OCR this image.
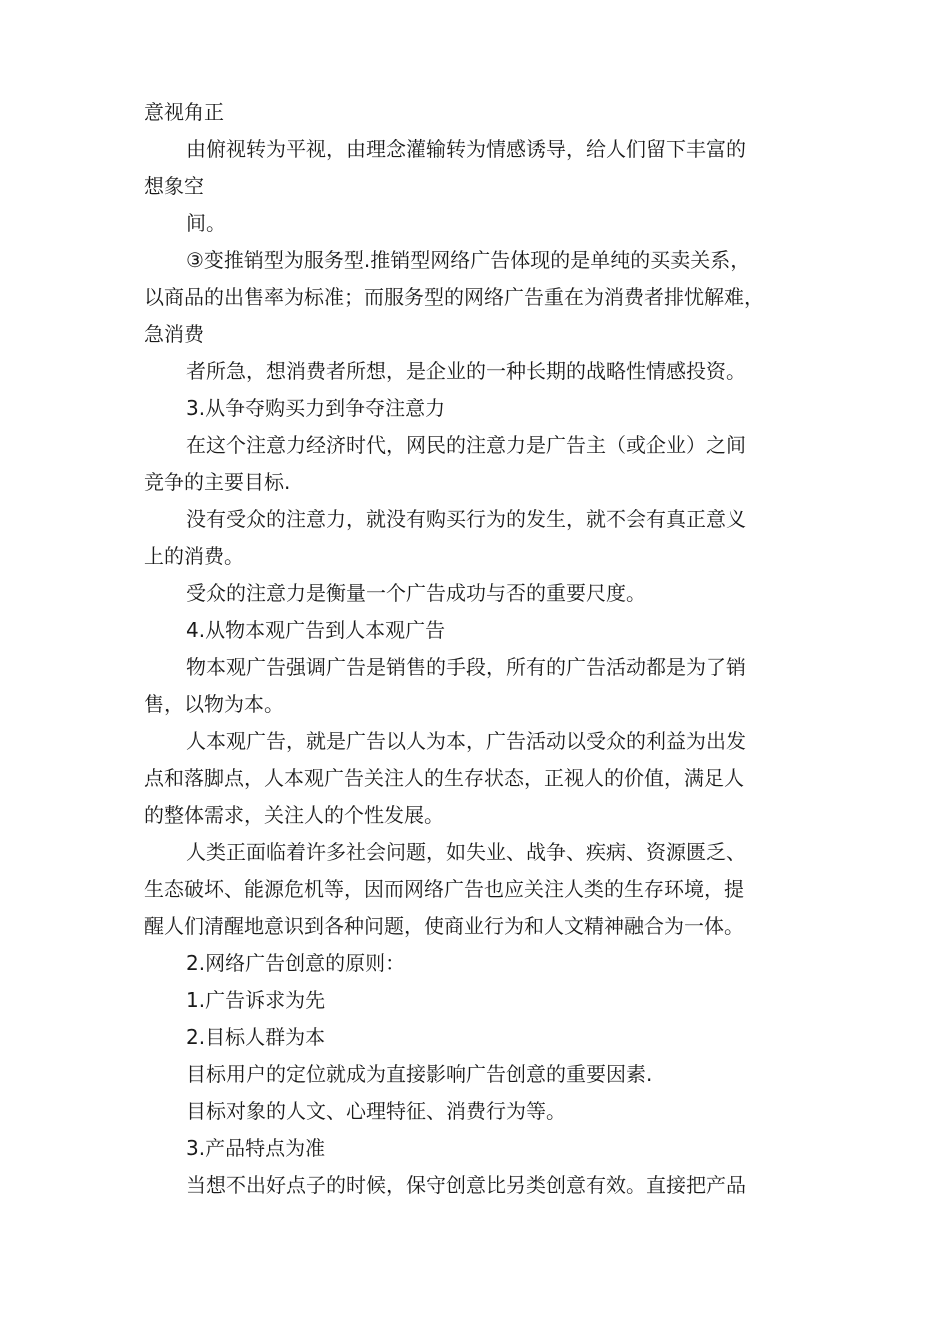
意视角正
由俯视转为平视，由理念灌输转为情感诱导，给人们留下丰富的
想象空
间。
③变推销型为服务型.推销型网络广告体现的是单纯的买卖关系，
以商品的出售率为标准；而服务型的网络广告重在为消费者排忧解难，
急消费
者所急，想消费者所想，是企业的一种长期的战略性情感投资。
3.从争夺购买力到争夺注意力
在这个注意力经济时代，网民的注意力是广告主（或企业）之间
竞争的主要目标.
没有受众的注意力，就没有购买行为的发生，就不会有真正意义
上的消费。
受众的注意力是衡量一个广告成功与否的重要尺度。
4.从物本观广告到人本观广告
物本观广告强调广告是销售的手段，所有的广告活动都是为了销
售，以物为本。
人本观广告，就是广告以人为本，广告活动以受众的利益为出发
点和落脚点，人本观广告关注人的生存状态，正视人的价值，满足人
的整体需求，关注人的个性发展。
人类正面临着许多社会问题，如失业、战争、疾病、资源匮乏、
生态破坏、能源危机等，因而网络广告也应关注人类的生存环境，提
醒人们清醒地意识到各种问题，使商业行为和人文精神融合为一体。
2.网络广告创意的原则：
1.广告诉求为先
2.目标人群为本
目标用户的定位就成为直接影响广告创意的重要因素.
目标对象的人文、心理特征、消费行为等。
3.产品特点为准
当想不出好点子的时候，保守创意比另类创意有效。直接把产品
